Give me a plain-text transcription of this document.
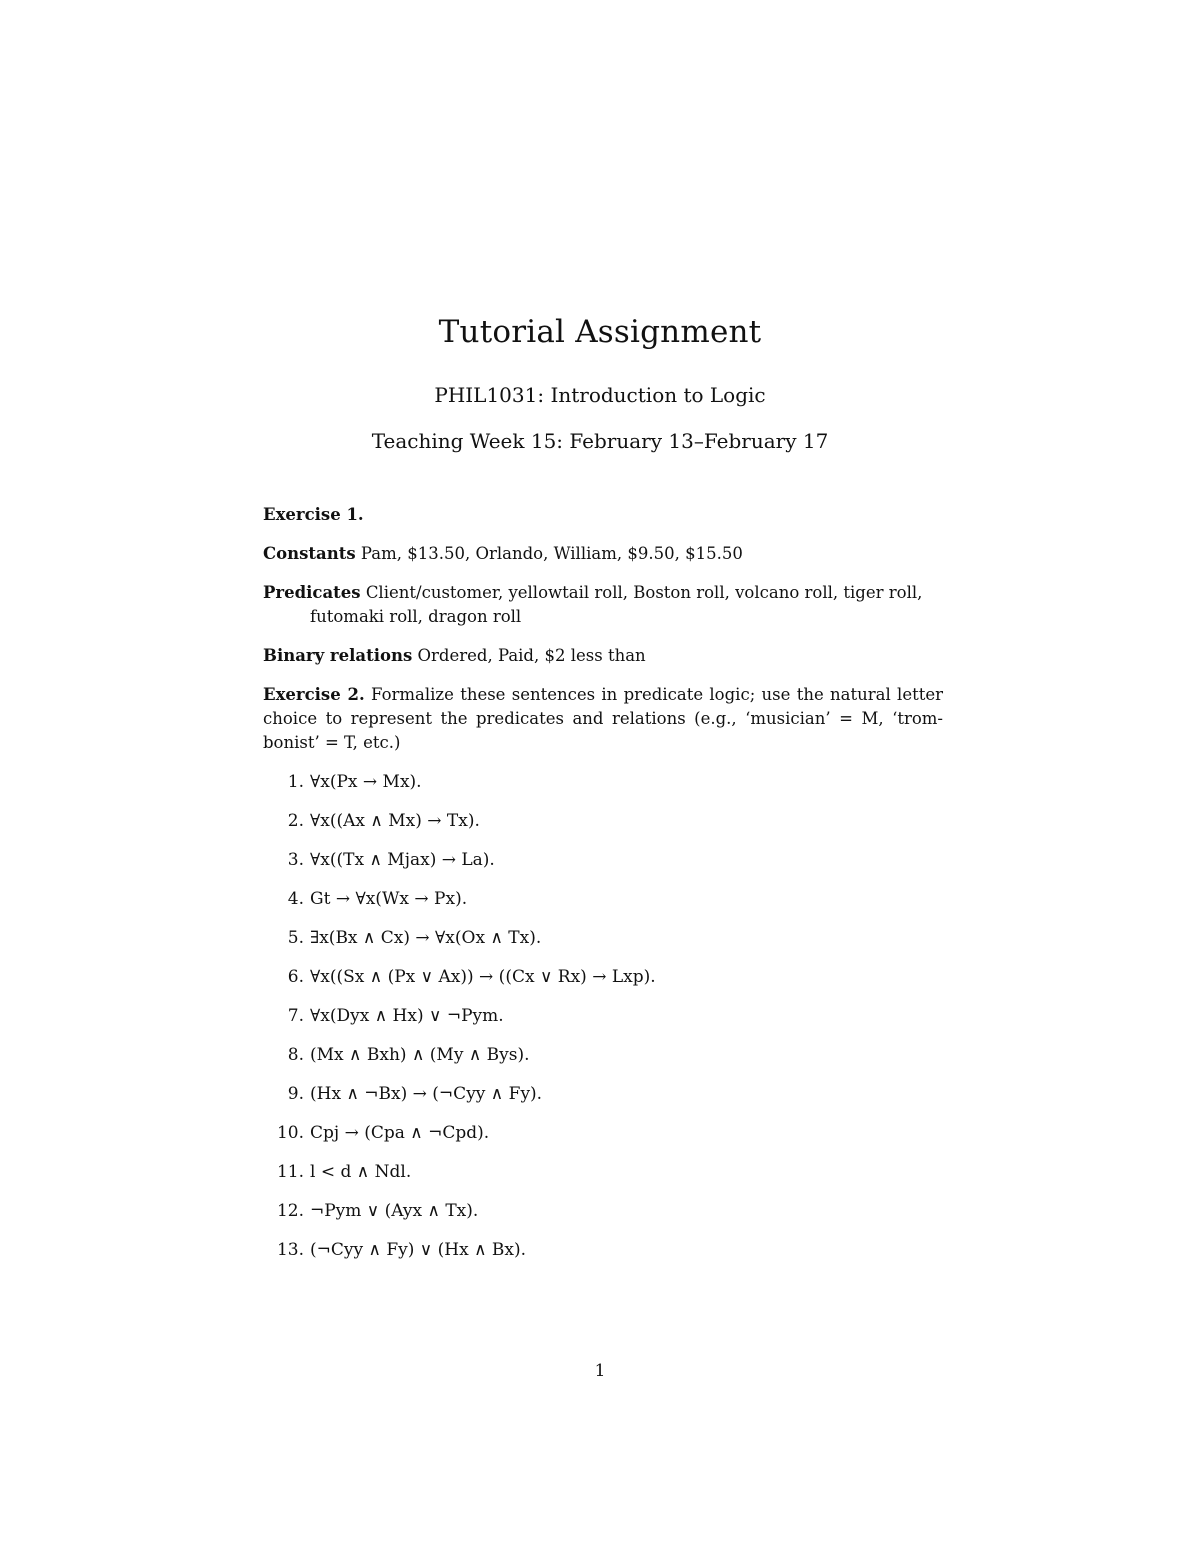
Tutorial Assignment
PHIL1031: Introduction to Logic
Teaching Week 15: February 13–February 17
Exercise 1.
Constants Pam, $13.50, Orlando, William, $9.50, $15.50
Predicates Client/customer, yellowtail roll, Boston roll, volcano roll, tiger roll, futomaki roll, dragon roll
Binary relations Ordered, Paid, $2 less than
Exercise 2. Formalize these sentences in predicate logic; use the natural letter choice to represent the predicates and relations (e.g., ‘musician’ = M, ‘trom- bonist’ = T, etc.)
1. ∀x(Px → Mx).
2. ∀x((Ax ∧ Mx) → Tx).
3. ∀x((Tx ∧ Mjax) → La).
4. Gt → ∀x(Wx → Px).
5. ∃x(Bx ∧ Cx) → ∀x(Ox ∧ Tx).
6. ∀x((Sx ∧ (Px ∨ Ax)) → ((Cx ∨ Rx) → Lxp).
7. ∀x(Dyx ∧ Hx) ∨ ¬Pym.
8. (Mx ∧ Bxh) ∧ (My ∧ Bys).
9. (Hx ∧ ¬Bx) → (¬Cyy ∧ Fy).
10. Cpj → (Cpa ∧ ¬Cpd).
11. l < d ∧ Ndl.
12. ¬Pym ∨ (Ayx ∧ Tx).
13. (¬Cyy ∧ Fy) ∨ (Hx ∧ Bx).
1
